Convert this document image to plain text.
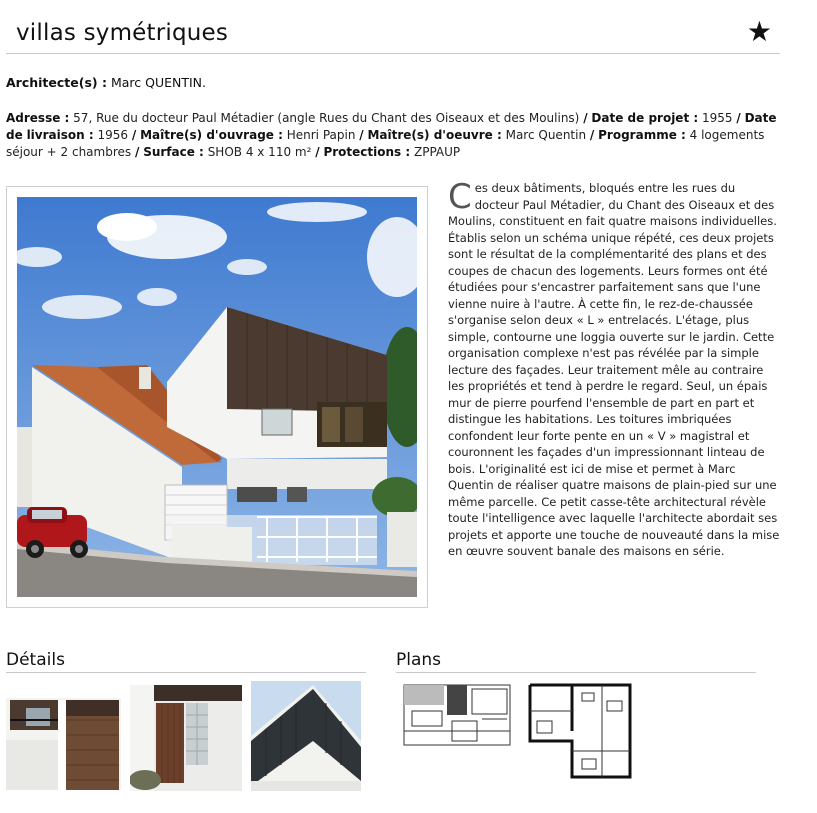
villas symétriques	★
Architecte(s) : Marc QUENTIN.
Adresse : 57, Rue du docteur Paul Métadier (angle Rues du Chant des Oiseaux et des Moulins) / Date de projet : 1955 / Date de livraison : 1956 / Maître(s) d'ouvrage : Henri Papin / Maître(s) d'oeuvre : Marc Quentin / Programme : 4 logements séjour + 2 chambres / Surface : SHOB 4 x 110 m² / Protections : ZPPAUP
C es deux bâtiments, bloqués entre les rues du docteur Paul Métadier, du Chant des Oiseaux et des Moulins, constituent en fait quatre maisons individuelles. Établis selon un schéma unique répété, ces deux projets sont le résultat de la complémentarité des plans et des coupes de chacun des logements. Leurs formes ont été étudiées pour s'encastrer parfaitement sans que l'une vienne nuire à l'autre. À cette fin, le rez-de-chaussée s'organise selon deux « L » entrelacés. L'étage, plus simple, contourne une loggia ouverte sur le jardin. Cette organisation complexe n'est pas révélée par la simple lecture des façades. Leur traitement mêle au contraire les propriétés et tend à perdre le regard. Seul, un épais mur de pierre pourfend l'ensemble de part en part et distingue les habitations. Les toitures imbriquées confondent leur forte pente en un « V » magistral et couronnent les façades d'un impressionnant linteau de bois. L'originalité est ici de mise et permet à Marc Quentin de réaliser quatre maisons de plain-pied sur une même parcelle. Ce petit casse-tête architectural révèle toute l'intelligence avec laquelle l'architecte abordait ses projets et apporte une touche de nouveauté dans la mise en œuvre souvent banale des maisons en série.
Détails	Plans
